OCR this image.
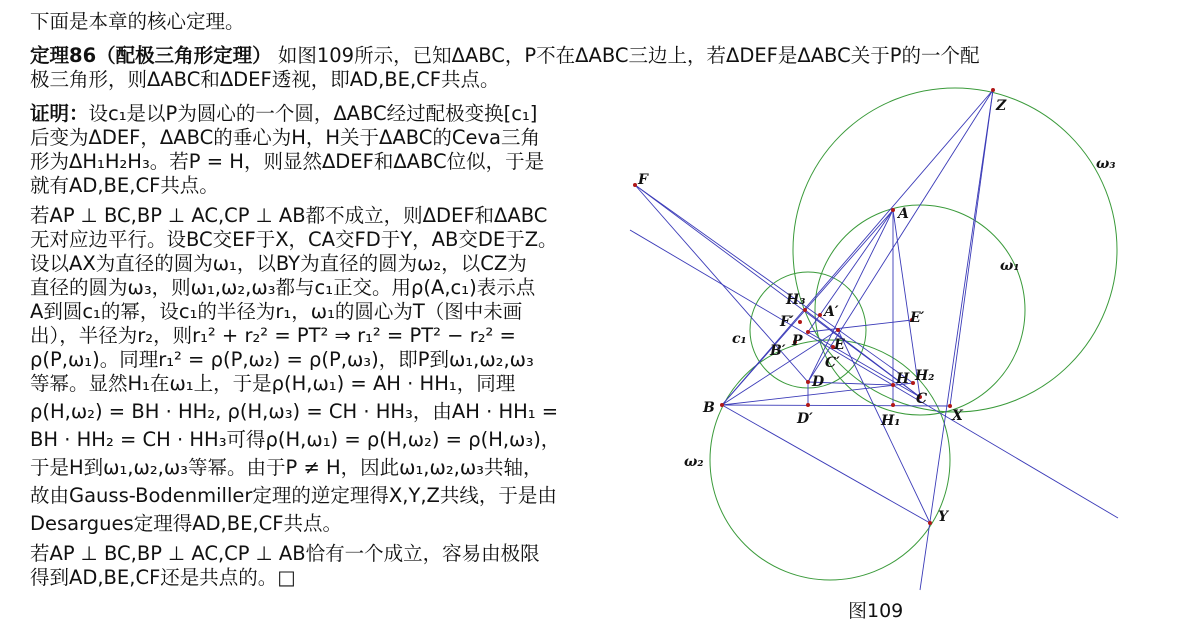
下面是本章的核心定理。
定理86（配极三角形定理） 如图109所示，已知ΔABC，P不在ΔABC三边上，若ΔDEF是ΔABC关于P的一个配
极三角形，则ΔABC和ΔDEF透视，即AD,BE,CF共点。
证明：设c₁是以P为圆心的一个圆，ΔABC经过配极变换[c₁]
后变为ΔDEF，ΔABC的垂心为H，H关于ΔABC的Ceva三角
形为ΔH₁H₂H₃。若P = H，则显然ΔDEF和ΔABC位似，于是
就有AD,BE,CF共点。
若AP ⊥ BC,BP ⊥ AC,CP ⊥ AB都不成立，则ΔDEF和ΔABC
无对应边平行。设BC交EF于X，CA交FD于Y，AB交DE于Z。
设以AX为直径的圆为ω₁，以BY为直径的圆为ω₂，以CZ为
直径的圆为ω₃，则ω₁,ω₂,ω₃都与c₁正交。用ρ(A,c₁)表示点
A到圆c₁的幂，设c₁的半径为r₁，ω₁的圆心为T（图中未画
出），半径为r₂，则r₁² + r₂² = PT² ⇒ r₁² = PT² − r₂² =
ρ(P,ω₁)。同理r₁² = ρ(P,ω₂) = ρ(P,ω₃)，即P到ω₁,ω₂,ω₃
等幂。显然H₁在ω₁上，于是ρ(H,ω₁) = AH · HH₁，同理
ρ(H,ω₂) = BH · HH₂, ρ(H,ω₃) = CH · HH₃，由AH · HH₁ =
BH · HH₂ = CH · HH₃可得ρ(H,ω₁) = ρ(H,ω₂) = ρ(H,ω₃)，
于是H到ω₁,ω₂,ω₃等幂。由于P ≠ H，因此ω₁,ω₂,ω₃共轴，
故由Gauss-Bodenmiller定理的逆定理得X,Y,Z共线，于是由
Desargues定理得AD,BE,CF共点。
若AP ⊥ BC,BP ⊥ AC,CP ⊥ AB恰有一个成立，容易由极限
得到AD,BE,CF还是共点的。□
A
B
C
D
E
F
H
P
X
Y
Z
A′
B′
C′
D′
E′
F′
H₁
H₂
H₃
c₁
ω₁
ω₂
ω₃
图109
